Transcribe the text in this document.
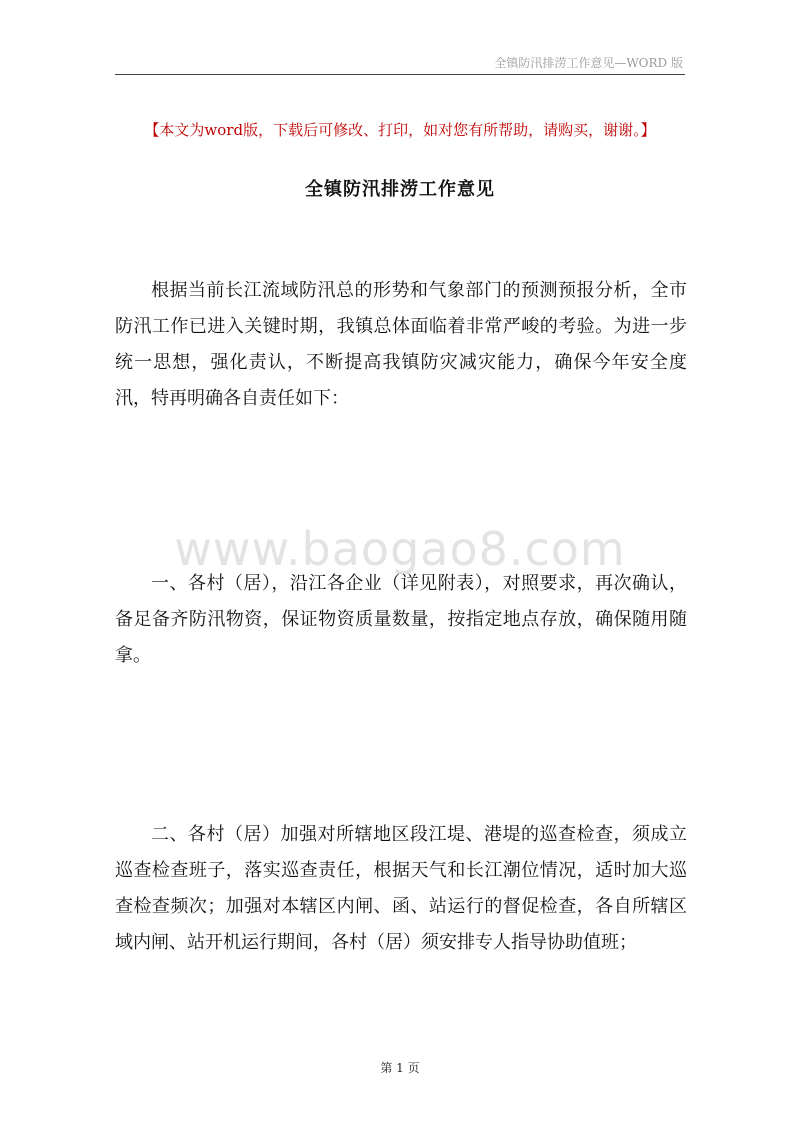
全镇防汛排涝工作意见—WORD 版
【本文为word版，下载后可修改、打印，如对您有所帮助，请购买，谢谢。】
全镇防汛排涝工作意见

根据当前长江流域防汛总的形势和气象部门的预测预报分析，全市防汛工作已进入关键时期，我镇总体面临着非常严峻的考验。为进一步统一思想，强化责认，不断提高我镇防灾减灾能力，确保今年安全度汛，特再明确各自责任如下：

www.baogao8.com

一、各村（居），沿江各企业（详见附表），对照要求，再次确认，备足备齐防汛物资，保证物资质量数量，按指定地点存放，确保随用随拿。

二、各村（居）加强对所辖地区段江堤、港堤的巡查检查，须成立巡查检查班子，落实巡查责任，根据天气和长江潮位情况，适时加大巡查检查频次；加强对本辖区内闸、函、站运行的督促检查，各自所辖区域内闸、站开机运行期间，各村（居）须安排专人指导协助值班；

第 1 页
